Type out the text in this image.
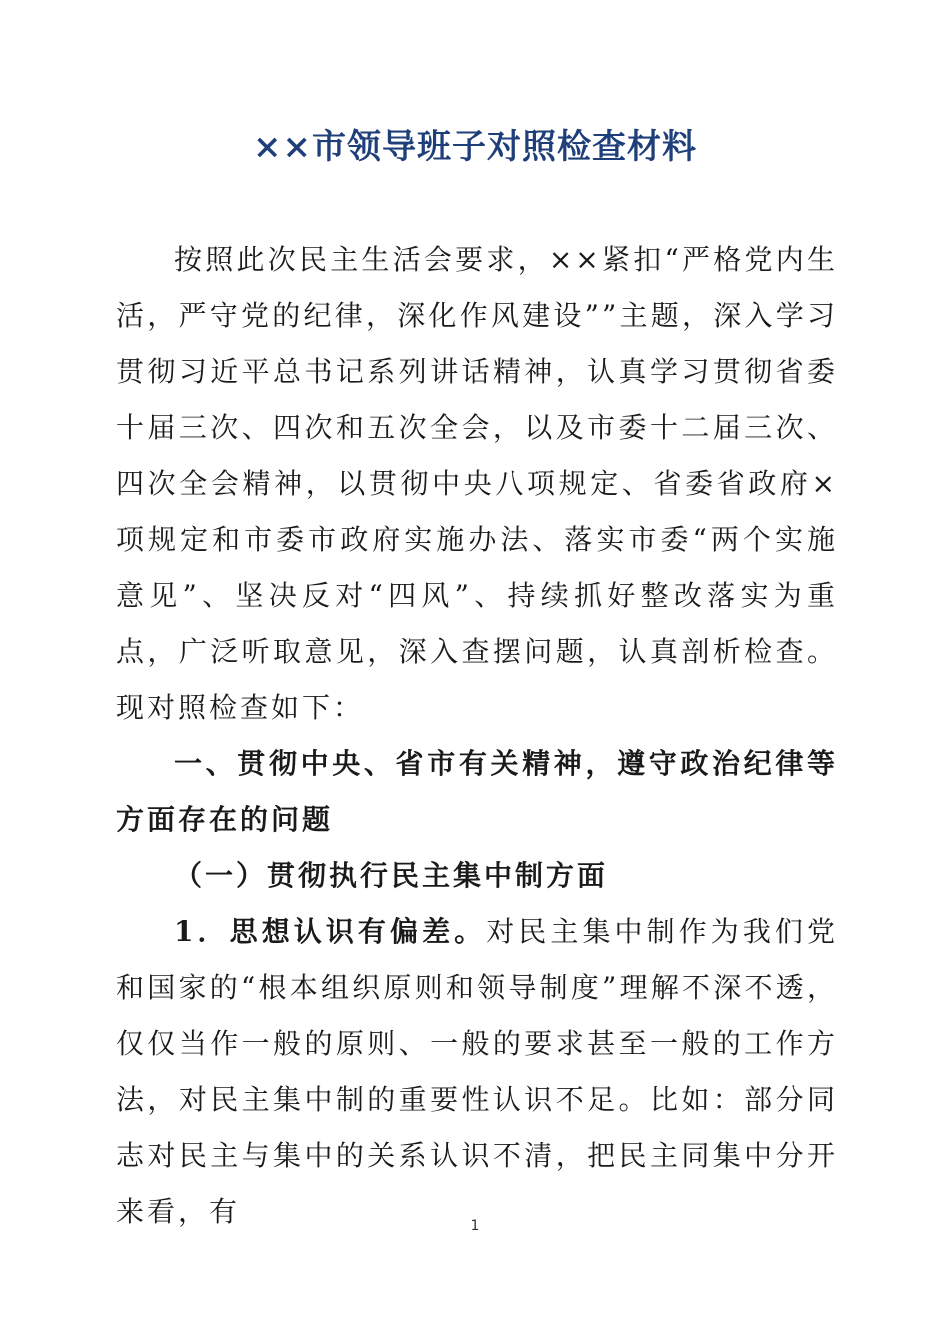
××市领导班子对照检查材料

按照此次民主生活会要求，××紧扣“严格党内生活，严守党的纪律，深化作风建设””主题，深入学习贯彻习近平总书记系列讲话精神，认真学习贯彻省委十届三次、四次和五次全会，以及市委十二届三次、四次全会精神，以贯彻中央八项规定、省委省政府×项规定和市委市政府实施办法、落实市委“两个实施意见”、坚决反对“四风”、持续抓好整改落实为重点，广泛听取意见，深入查摆问题，认真剖析检查。现对照检查如下：

一、贯彻中央、省市有关精神，遵守政治纪律等方面存在的问题

（一）贯彻执行民主集中制方面

1．思想认识有偏差。对民主集中制作为我们党和国家的“根本组织原则和领导制度”理解不深不透，仅仅当作一般的原则、一般的要求甚至一般的工作方法，对民主集中制的重要性认识不足。比如：部分同志对民主与集中的关系认识不清，把民主同集中分开来看，有	1
